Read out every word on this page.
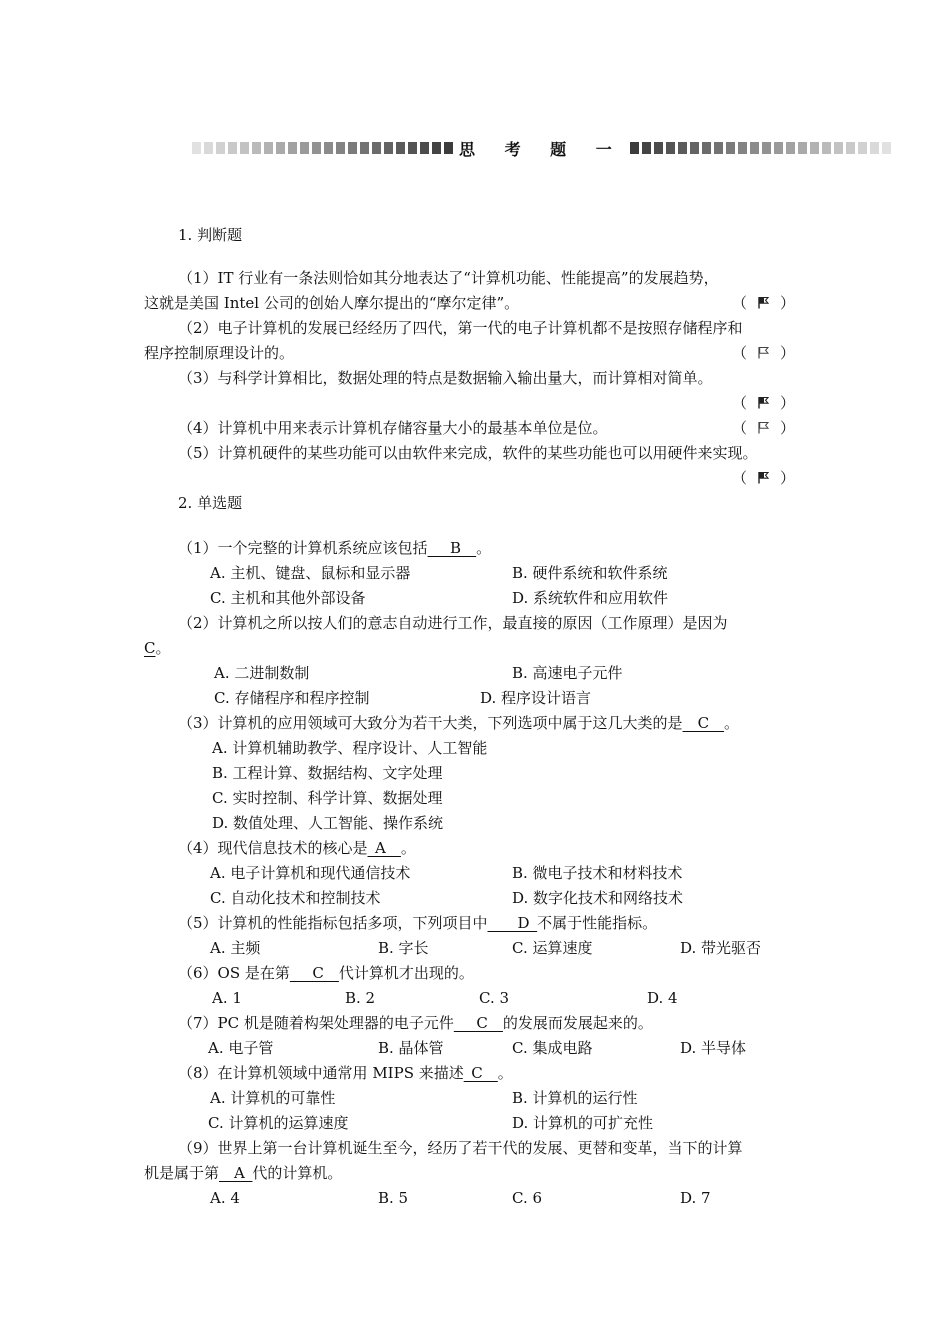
思 考 题 一
1. 判断题
（1）IT 行业有一条法则恰如其分地表达了“计算机功能、性能提高”的发展趋势，
这就是美国 Intel 公司的创始人摩尔提出的“摩尔定律”。	（ ）
（2）电子计算机的发展已经经历了四代，第一代的电子计算机都不是按照存储程序和
程序控制原理设计的。	（ ）
（3）与科学计算相比，数据处理的特点是数据输入输出量大，而计算相对简单。
（ ）
（4）计算机中用来表示计算机存储容量大小的最基本单位是位。	（ ）
（5）计算机硬件的某些功能可以由软件来完成，软件的某些功能也可以用硬件来实现。
（ ）
2. 单选题
（1）一个完整的计算机系统应该包括___B__。
A. 主机、键盘、鼠标和显示器	B. 硬件系统和软件系统
C. 主机和其他外部设备	D. 系统软件和应用软件
（2）计算机之所以按人们的意志自动进行工作，最直接的原因（工作原理）是因为
C。
A. 二进制数制	B. 高速电子元件
C. 存储程序和程序控制	D. 程序设计语言
（3）计算机的应用领域可大致分为若干大类，下列选项中属于这几大类的是__C__。
A. 计算机辅助教学、程序设计、人工智能
B. 工程计算、数据结构、文字处理
C. 实时控制、科学计算、数据处理
D. 数值处理、人工智能、操作系统
（4）现代信息技术的核心是_A__。
A. 电子计算机和现代通信技术	B. 微电子技术和材料技术
C. 自动化技术和控制技术	D. 数字化技术和网络技术
（5）计算机的性能指标包括多项，下列项目中____D_不属于性能指标。
A. 主频	B. 字长	C. 运算速度	D. 带光驱否
（6）OS 是在第___C__代计算机才出现的。
A. 1	B. 2	C. 3	D. 4
（7）PC 机是随着构架处理器的电子元件___C__的发展而发展起来的。
A. 电子管	B. 晶体管	C. 集成电路	D. 半导体
（8）在计算机领域中通常用 MIPS 来描述_C__。
A. 计算机的可靠性	B. 计算机的运行性
C. 计算机的运算速度	D. 计算机的可扩充性
（9）世界上第一台计算机诞生至今，经历了若干代的发展、更替和变革，当下的计算
机是属于第__A_代的计算机。
A. 4	B. 5	C. 6	D. 7
